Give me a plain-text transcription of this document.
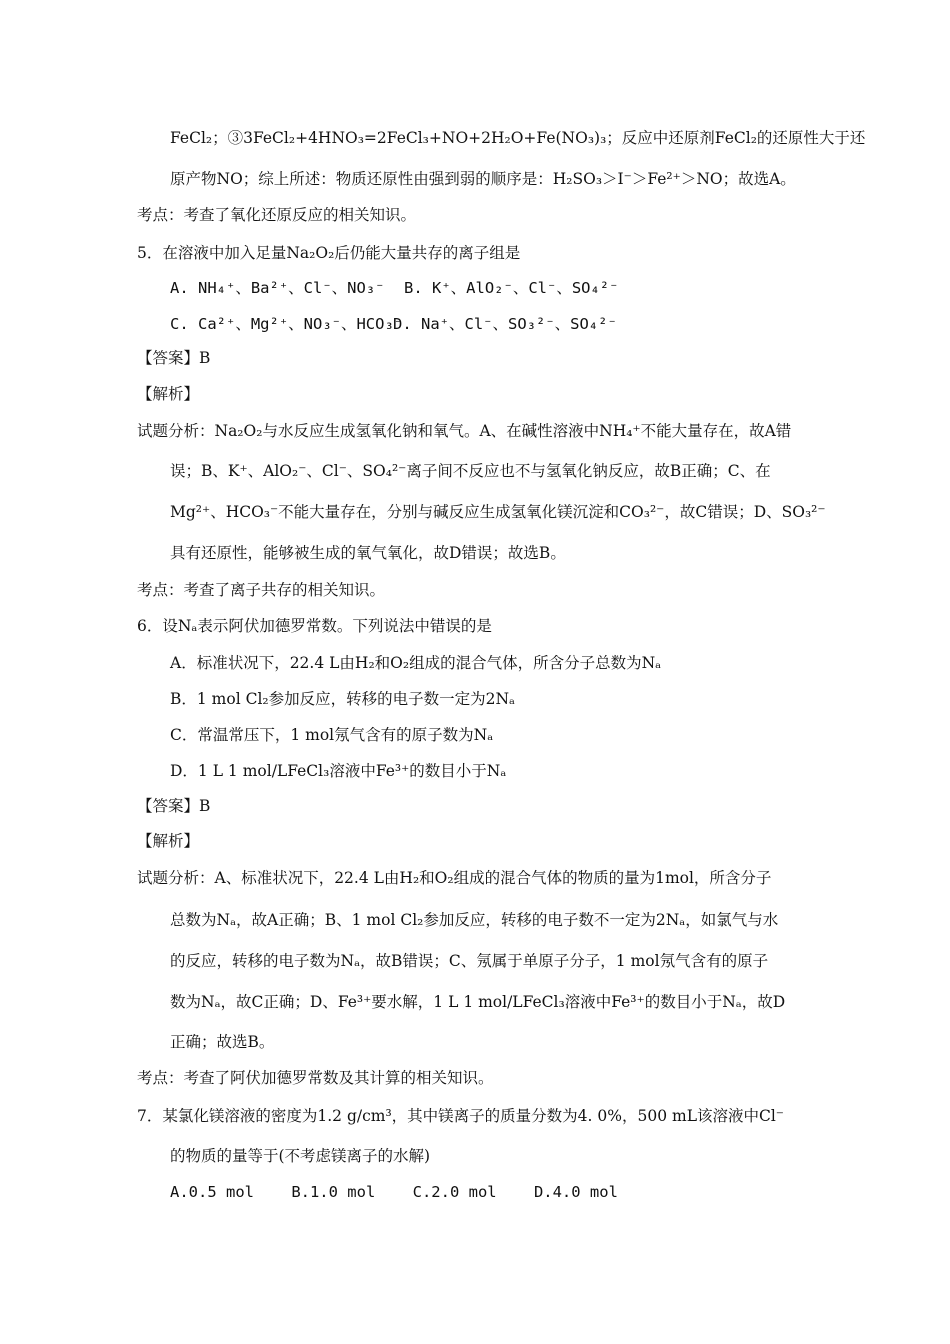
FeCl₂；③3FeCl₂+4HNO₃=2FeCl₃+NO+2H₂O+Fe(NO₃)₃；反应中还原剂FeCl₂的还原性大于还
原产物NO；综上所述：物质还原性由强到弱的顺序是：H₂SO₃＞I⁻＞Fe²⁺＞NO；故选A。
考点：考查了氧化还原反应的相关知识。
5．在溶液中加入足量Na₂O₂后仍能大量共存的离子组是
A. NH₄⁺、Ba²⁺、Cl⁻、NO₃⁻ B. K⁺、AlO₂⁻、Cl⁻、SO₄²⁻
C. Ca²⁺、Mg²⁺、NO₃⁻、HCO₃⁻
D. Na⁺、Cl⁻、SO₃²⁻、SO₄²⁻
【答案】B
【解析】
试题分析：Na₂O₂与水反应生成氢氧化钠和氧气。A、在碱性溶液中NH₄⁺不能大量存在，故A错
误；B、K⁺、AlO₂⁻、Cl⁻、SO₄²⁻离子间不反应也不与氢氧化钠反应，故B正确；C、在
Mg²⁺、HCO₃⁻不能大量存在，分别与碱反应生成氢氧化镁沉淀和CO₃²⁻，故C错误；D、SO₃²⁻
具有还原性，能够被生成的氧气氧化，故D错误；故选B。
考点：考查了离子共存的相关知识。
6．设Nₐ表示阿伏加德罗常数。下列说法中错误的是
A．标准状况下，22.4 L由H₂和O₂组成的混合气体，所含分子总数为Nₐ
B．1 mol Cl₂参加反应，转移的电子数一定为2Nₐ
C．常温常压下，1 mol氖气含有的原子数为Nₐ
D．1 L 1 mol/LFeCl₃溶液中Fe³⁺的数目小于Nₐ
【答案】B
【解析】
试题分析：A、标准状况下，22.4 L由H₂和O₂组成的混合气体的物质的量为1mol，所含分子
总数为Nₐ，故A正确；B、1 mol Cl₂参加反应，转移的电子数不一定为2Nₐ，如氯气与水
的反应，转移的电子数为Nₐ，故B错误；C、氖属于单原子分子，1 mol氖气含有的原子
数为Nₐ，故C正确；D、Fe³⁺要水解，1 L 1 mol/LFeCl₃溶液中Fe³⁺的数目小于Nₐ，故D
正确；故选B。
考点：考查了阿伏加德罗常数及其计算的相关知识。
7．某氯化镁溶液的密度为1.2 g/cm³，其中镁离子的质量分数为4. 0%，500 mL该溶液中Cl⁻
的物质的量等于(不考虑镁离子的水解)
A.0.5 mol    B.1.0 mol    C.2.0 mol    D.4.0 mol
